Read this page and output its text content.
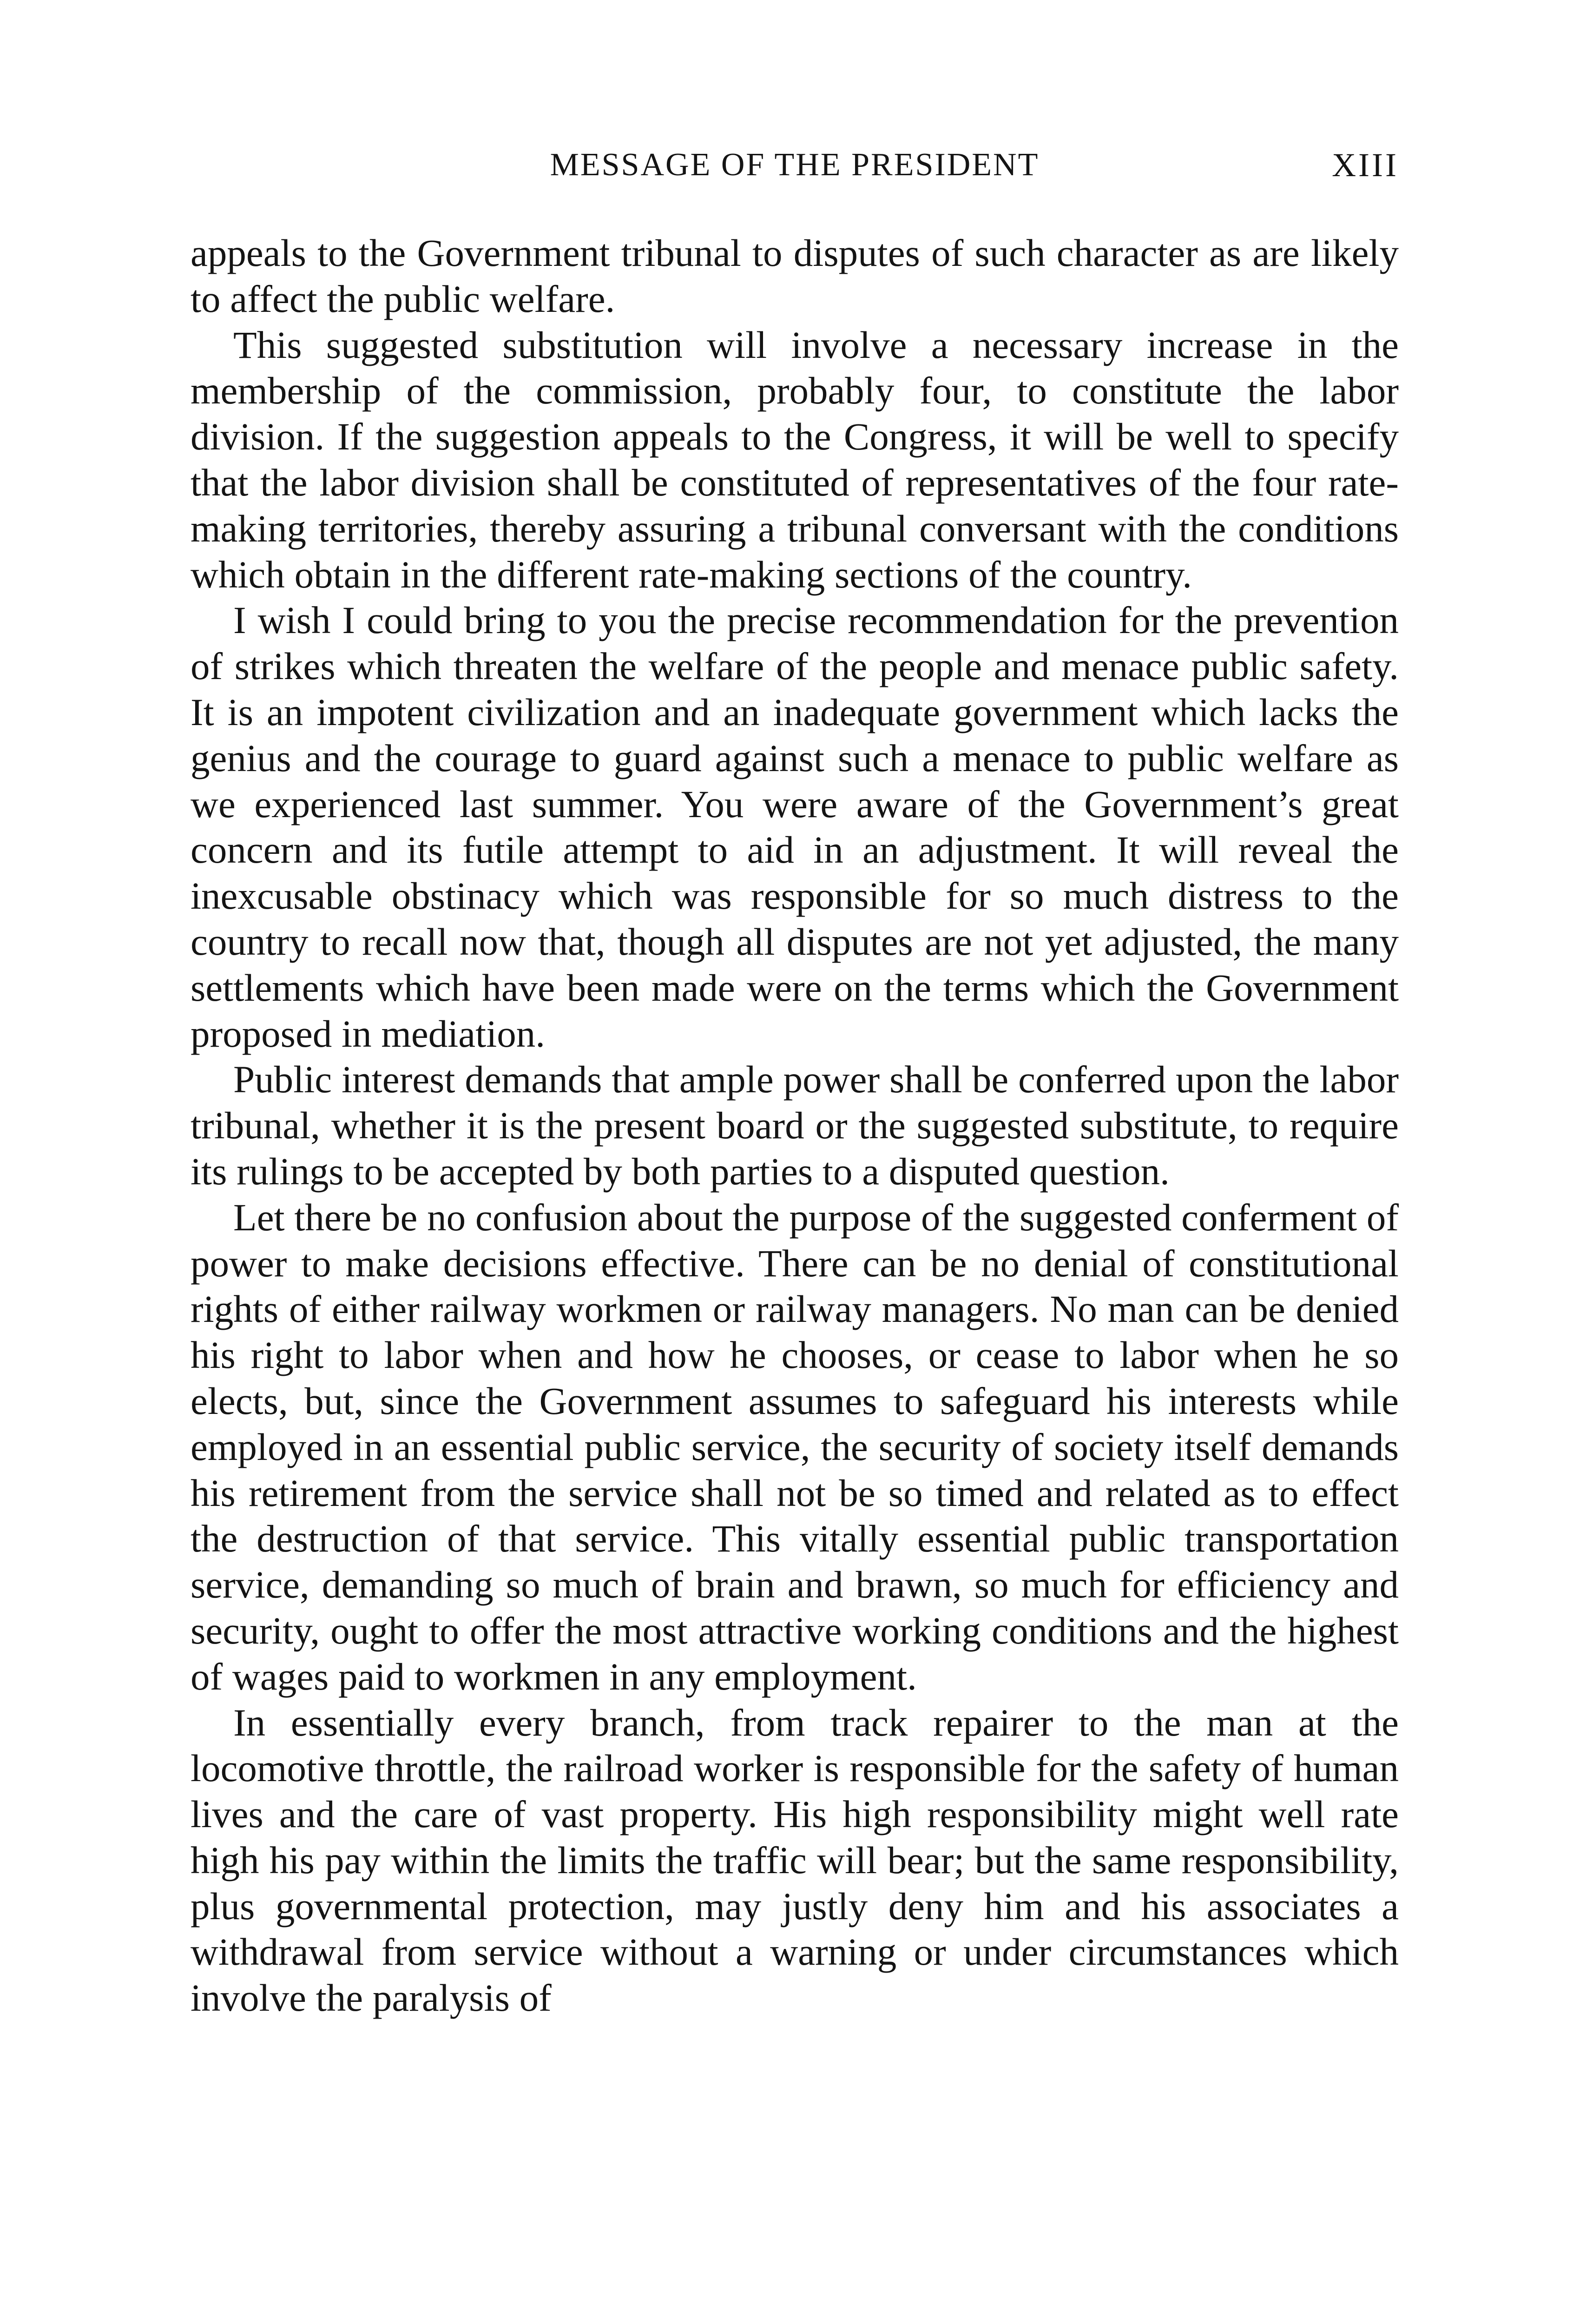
MESSAGE OF THE PRESIDENT	XIII

appeals to the Government tribunal to disputes of such character as are likely to affect the public welfare.

This suggested substitution will involve a necessary increase in the membership of the commission, probably four, to constitute the labor division. If the suggestion appeals to the Congress, it will be well to specify that the labor division shall be constituted of representatives of the four rate-making territories, thereby assuring a tribunal conversant with the conditions which obtain in the different rate-making sections of the country.

I wish I could bring to you the precise recommendation for the prevention of strikes which threaten the welfare of the people and menace public safety. It is an impotent civilization and an inadequate government which lacks the genius and the courage to guard against such a menace to public welfare as we experienced last summer. You were aware of the Government’s great concern and its futile attempt to aid in an adjustment. It will reveal the inexcusable obstinacy which was responsible for so much distress to the country to recall now that, though all disputes are not yet adjusted, the many settlements which have been made were on the terms which the Government proposed in mediation.

Public interest demands that ample power shall be conferred upon the labor tribunal, whether it is the present board or the suggested substitute, to require its rulings to be accepted by both parties to a disputed question.

Let there be no confusion about the purpose of the suggested conferment of power to make decisions effective. There can be no denial of constitutional rights of either railway workmen or railway managers. No man can be denied his right to labor when and how he chooses, or cease to labor when he so elects, but, since the Government assumes to safeguard his interests while employed in an essential public service, the security of society itself demands his retirement from the service shall not be so timed and related as to effect the destruction of that service. This vitally essential public transportation service, demanding so much of brain and brawn, so much for efficiency and security, ought to offer the most attractive working conditions and the highest of wages paid to workmen in any employment.

In essentially every branch, from track repairer to the man at the locomotive throttle, the railroad worker is responsible for the safety of human lives and the care of vast property. His high responsibility might well rate high his pay within the limits the traffic will bear; but the same responsibility, plus governmental protection, may justly deny him and his associates a withdrawal from service without a warning or under circumstances which involve the paralysis of
